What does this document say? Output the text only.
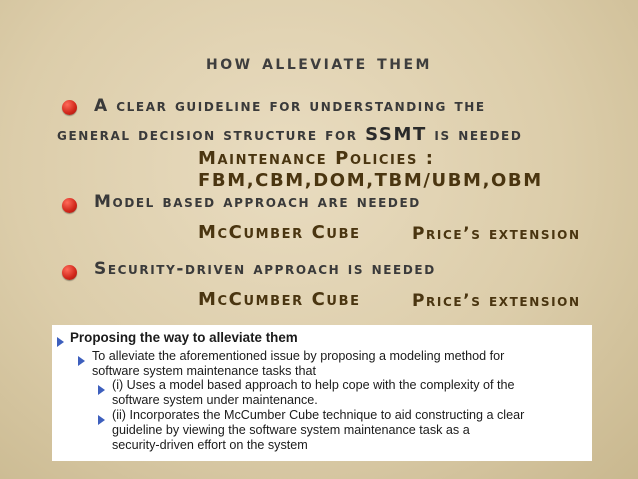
how alleviate them
A clear guideline for understanding the
general decision structure for SSMT is needed
Maintenance Policies :
FBM,CBM,DOM,TBM/UBM,OBM
Model based approach are needed
McCumber Cube	Price’s extension
Security-driven approach is needed
McCumber Cube	Price’s extension
Proposing the way to alleviate them
To alleviate the aforementioned issue by proposing a modeling method for
software system maintenance tasks that
(i) Uses a model based approach to help cope with the complexity of the
software system under maintenance.
(ii) Incorporates the McCumber Cube technique to aid constructing a clear
guideline by viewing the software system maintenance task as a
security-driven effort on the system
